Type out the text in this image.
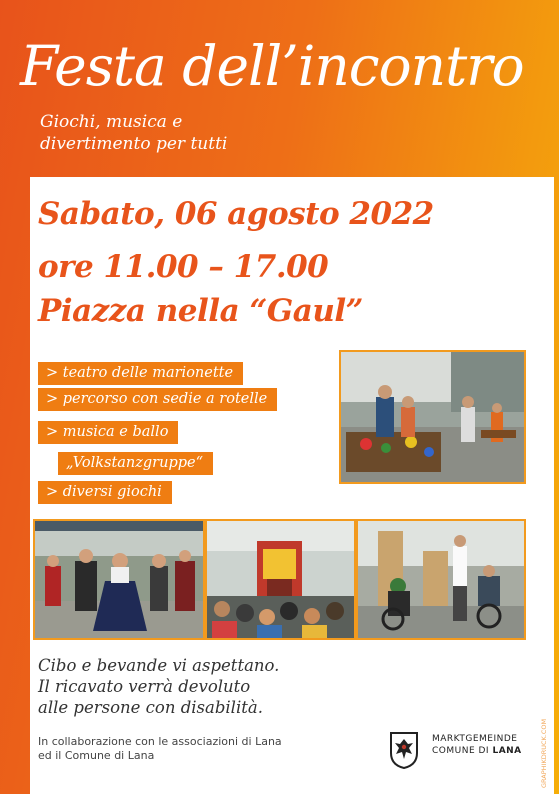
Festa dell’incontro
Giochi, musica e
divertimento per tutti
Sabato, 06 agosto 2022
ore 11.00 – 17.00
Piazza nella “Gaul”
> teatro delle marionette
> percorso con sedie a rotelle
> musica e ballo
„Volkstanzgruppe“
> diversi giochi
Cibo e bevande vi aspettano.
Il ricavato verrà devoluto
alle persone con disabilità.
In collaborazione con le associazioni di Lana
ed il Comune di Lana
MARKTGEMEINDE
COMUNE DI LANA	GRAPHIKDRUCK.COM
